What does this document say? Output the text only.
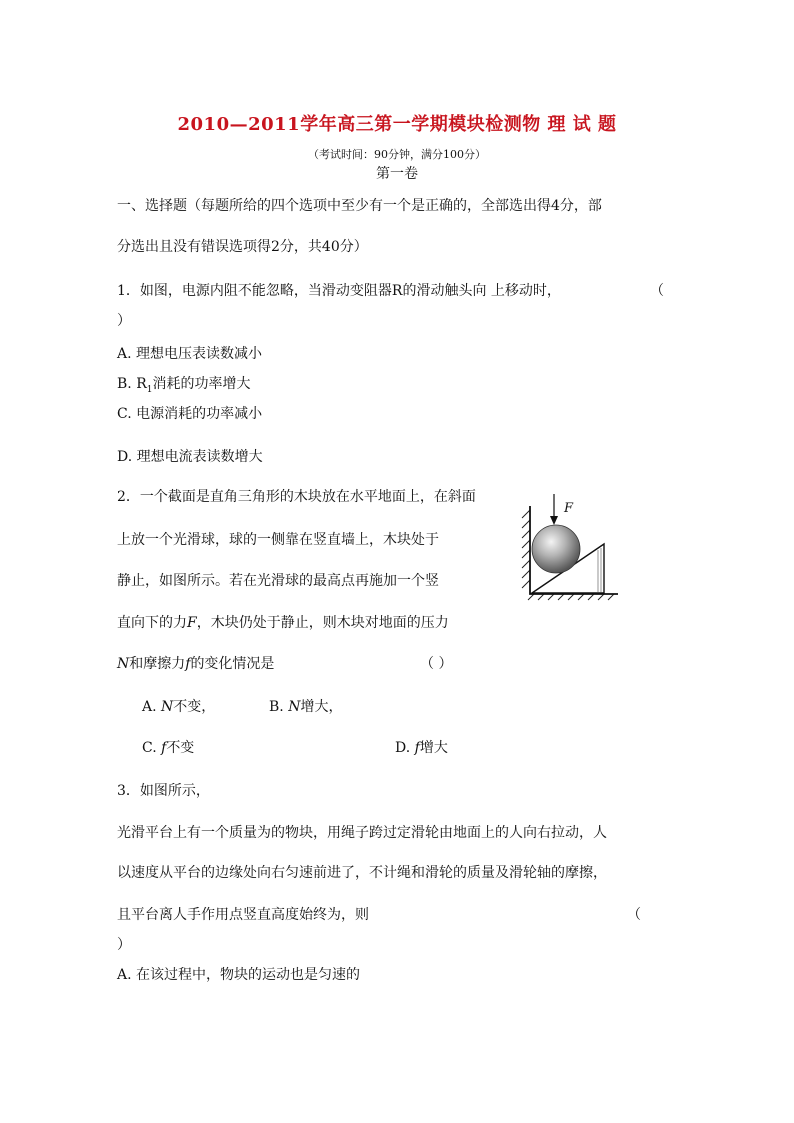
2010—2011学年高三第一学期模块检测物 理 试 题
（考试时间：90分钟，满分100分）
第一卷
一、选择题（每题所给的四个选项中至少有一个是正确的，全部选出得4分，部
分选出且没有错误选项得2分，共40分）
1．如图，电源内阻不能忽略，当滑动变阻器R的滑动触头向 上移动时，	（
）
A. 理想电压表读数减小
B. $R_1$消耗的功率增大
C. 电源消耗的功率减小
D. 理想电流表读数增大
2．一个截面是直角三角形的木块放在水平地面上，在斜面
上放一个光滑球，球的一侧靠在竖直墙上，木块处于
静止，如图所示。若在光滑球的最高点再施加一个竖
直向下的力F，木块仍处于静止，则木块对地面的压力
N和摩擦力f的变化情况是	（ ）
A. N不变，	B. N增大，
C. f不变	D. f增大
F
3．如图所示，
光滑平台上有一个质量为的物块，用绳子跨过定滑轮由地面上的人向右拉动，人
以速度从平台的边缘处向右匀速前进了，不计绳和滑轮的质量及滑轮轴的摩擦，
且平台离人手作用点竖直高度始终为，则	（
）
A. 在该过程中，物块的运动也是匀速的
